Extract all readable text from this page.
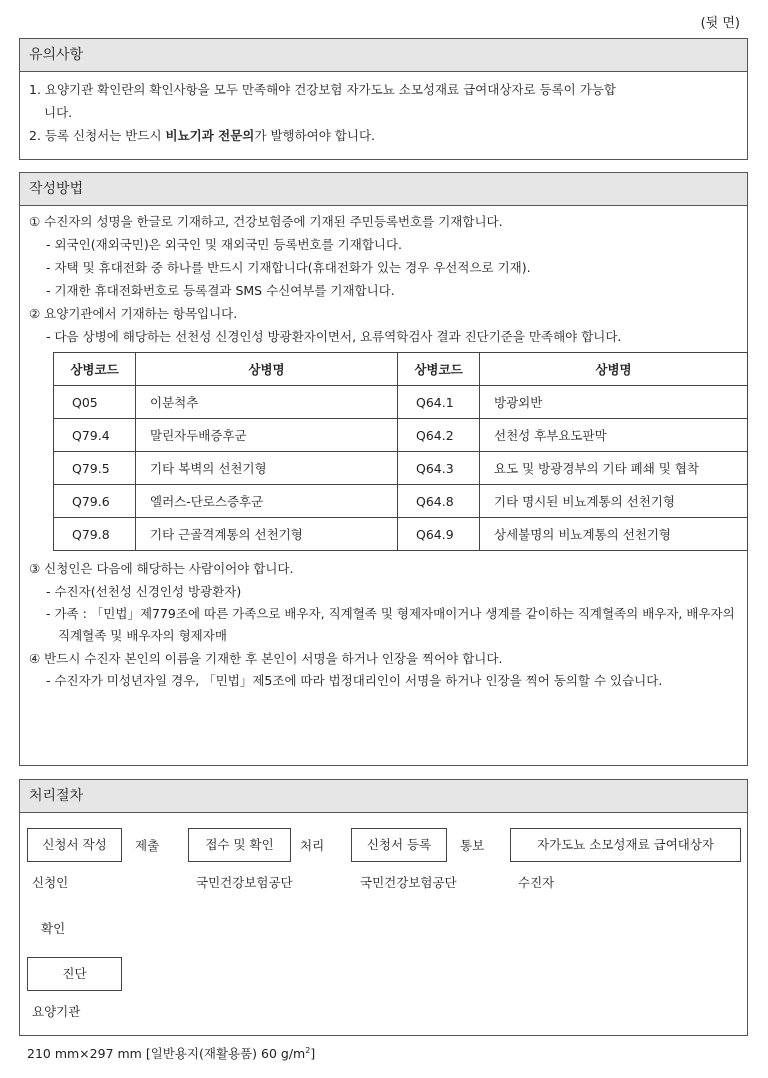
(뒷 면)
유의사항
1. 요양기관 확인란의 확인사항을 모두 만족해야 건강보험 자가도뇨 소모성재료 급여대상자로 등록이 가능합
니다.
2. 등록 신청서는 반드시 비뇨기과 전문의가 발행하여야 합니다.
작성방법
① 수진자의 성명을 한글로 기재하고, 건강보험증에 기재된 주민등록번호를 기재합니다.
- 외국인(재외국민)은 외국인 및 재외국민 등록번호를 기재합니다.
- 자택 및 휴대전화 중 하나를 반드시 기재합니다(휴대전화가 있는 경우 우선적으로 기재).
- 기재한 휴대전화번호로 등록결과 SMS 수신여부를 기재합니다.
② 요양기관에서 기재하는 항목입니다.
- 다음 상병에 해당하는 선천성 신경인성 방광환자이면서, 요류역학검사 결과 진단기준을 만족해야 합니다.
상병코드	상병명	상병코드	상병명
Q05	이분척추	Q64.1	방광외반
Q79.4	말린자두배증후군	Q64.2	선천성 후부요도판막
Q79.5	기타 복벽의 선천기형	Q64.3	요도 및 방광경부의 기타 폐쇄 및 협착
Q79.6	엘러스-단로스증후군	Q64.8	기타 명시된 비뇨계통의 선천기형
Q79.8	기타 근골격계통의 선천기형	Q64.9	상세불명의 비뇨계통의 선천기형
③ 신청인은 다음에 해당하는 사람이어야 합니다.
- 수진자(선천성 신경인성 방광환자)
- 가족 : 「민법」제779조에 따른 가족으로 배우자, 직계혈족 및 형제자매이거나 생계를 같이하는 직계혈족의 배우자, 배우자의 직계혈족 및 배우자의 형제자매
④ 반드시 수진자 본인의 이름을 기재한 후 본인이 서명을 하거나 인장을 찍어야 합니다.
- 수진자가 미성년자일 경우, 「민법」제5조에 따라 법정대리인이 서명을 하거나 인장을 찍어 동의할 수 있습니다.
처리절차
신청서 작성	제출	접수 및 확인	처리	신청서 등록	통보	자가도뇨 소모성재료 급여대상자
신청인	국민건강보험공단	국민건강보험공단	수진자
확인
진단
요양기관
210 mm×297 mm [일반용지(재활용품) 60 $g/m^2$]
